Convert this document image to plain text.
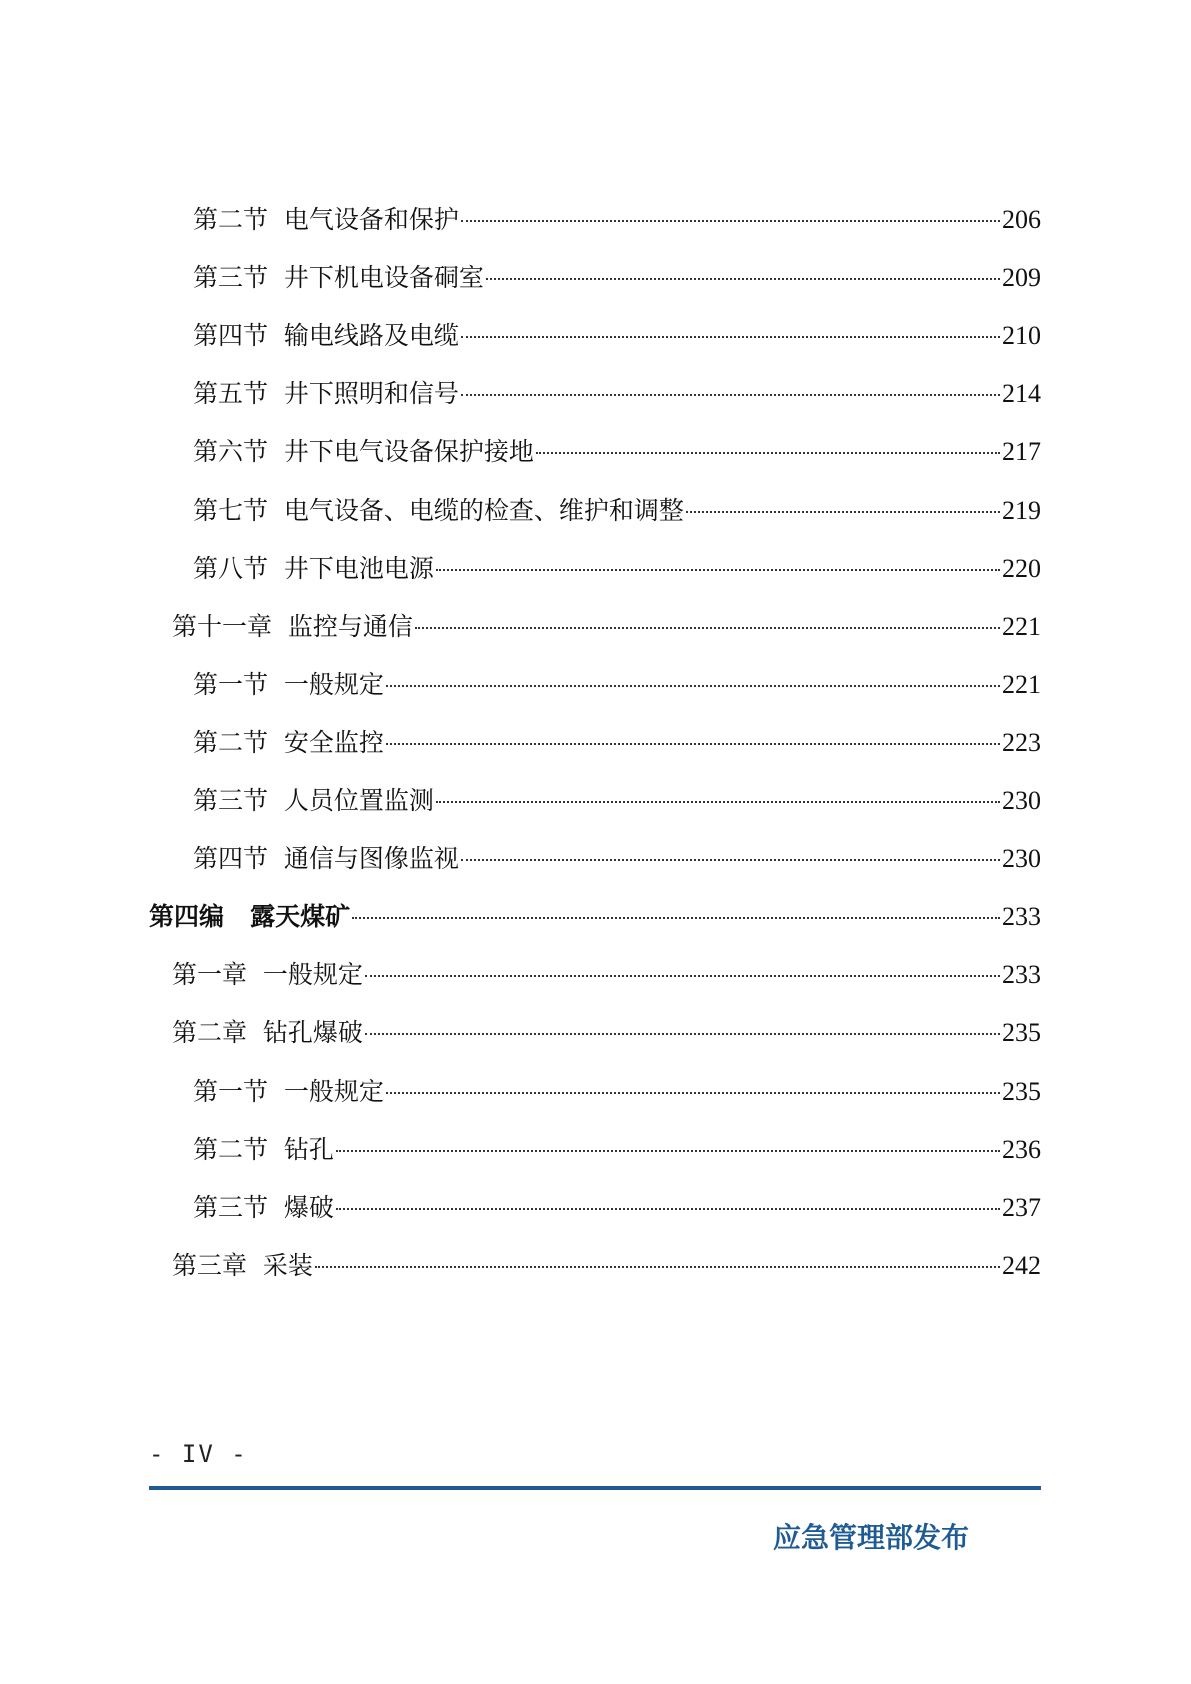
第二节  电气设备和保护	206
第三节  井下机电设备硐室	209
第四节  输电线路及电缆	210
第五节  井下照明和信号	214
第六节  井下电气设备保护接地	217
第七节  电气设备、电缆的检查、维护和调整	219
第八节  井下电池电源	220
第十一章  监控与通信	221
第一节  一般规定	221
第二节  安全监控	223
第三节  人员位置监测	230
第四节  通信与图像监视	230
第四编   露天煤矿	233
第一章  一般规定	233
第二章  钻孔爆破	235
第一节  一般规定	235
第二节  钻孔	236
第三节  爆破	237
第三章  采装	242
- IV -
应急管理部发布
